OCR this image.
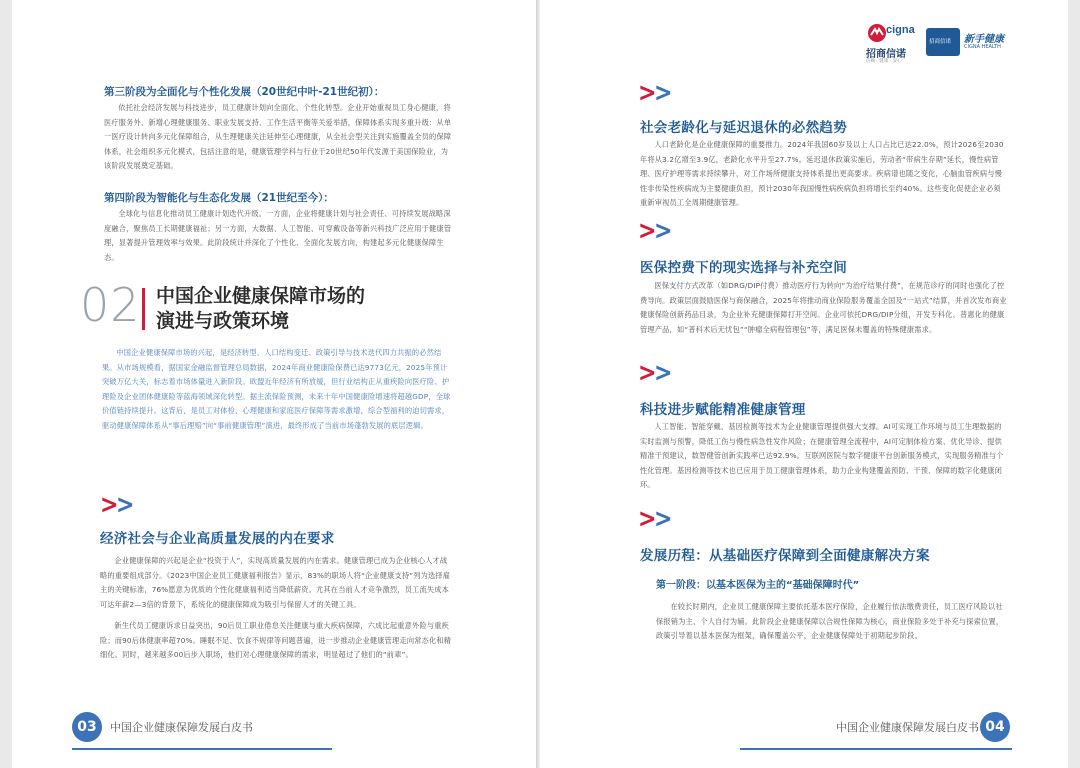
第三阶段为全面化与个性化发展（20世纪中叶-21世纪初）：
依托社会经济发展与科技进步，员工健康计划向全面化、个性化转型。企业开始重视员工身心健康，将医疗服务外、新增心理健康服务、职业发展支持、工作生活平衡等关爱举措，保障体系实现多重升级：从单一医疗设计转向多元化保障组合，从生理健康关注延伸至心理健康，从全社会型关注到实施覆盖全员的保障体系，社会组织多元化模式，包括注意的是，健康管理学科与行业于20世纪50年代发源于美国保险业，为该阶段发展奠定基础。
第四阶段为智能化与生态化发展（21世纪至今）：
全球化与信息化推动员工健康计划迭代升级。一方面，企业将健康计划与社会责任、可持续发展战略深度融合，聚焦员工长期健康福祉；另一方面，大数据、人工智能、可穿戴设备等新兴科技广泛应用于健康管理，显著提升管理效率与效果。此阶段统计并深化了个性化、全面化发展方向，构建起多元化健康保障生态。
02 中国企业健康保障市场的
演进与政策环境
中国企业健康保障市场的兴起，是经济转型、人口结构变迁、政策引导与技术迭代四力共振的必然结果。从市场规模看，据国家金融监督管理总局数据，2024年商业健康险保费已达9773亿元，2025年预计突破万亿大关，标志着市场体量进入新阶段。欧盟近年经济有所放缓，但行业结构正从重疾险向医疗险、护理险及企业团体健康险等蓝海领域深化转型。据主流保险预测，未来十年中国健康险增速将超越GDP，全球价值链持续提升。这背后，是员工对体检、心理健康和家庭医疗保障等需求激增，综合型福利的迫切需求，驱动健康保障体系从“事后理赔”向“事前健康管理”演进，最终形成了当前市场蓬勃发展的底层逻辑。
>>
经济社会与企业高质量发展的内在要求
企业健康保障的兴起是企业“投资于人”，实现高质量发展的内在需求。健康管理已成为企业核心人才战略的重要组成部分。《2023中国企业员工健康福利报告》显示，83%的职场人将“企业健康支持”列为选择雇主的关键标准，76%愿意为优质的个性化健康福利适当降低薪资。尤其在当前人才竞争激烈，员工流失成本可达年薪2—3倍的背景下，系统化的健康保障成为吸引与保留人才的关键工具。
新生代员工健康诉求日益突出，90后员工职业倦怠关注健康与重大疾病保障，六成比起重意外险与重疾险；而90后体健康率超70%。睡眠不足、饮食不规律等问题普遍，进一步推动企业健康管理走向常态化和精细化。同时，越来越多00后步入职场，他们对心理健康保障的需求，明显超过了他们的“前辈”。
03	中国企业健康保障发展白皮书
cigna
招商信诺
信赖 · 健康 · 安心
招商信诺 新手健康
CIGNA HEALTH
>>
社会老龄化与延迟退休的必然趋势
人口老龄化是企业健康保障的重要推力。2024年我国60岁及以上人口占比已达22.0%，预计2026至2030年将从3.2亿增至3.9亿，老龄化水平升至27.7%。延迟退休政策实施后，劳动者“带病生存期”延长，慢性病管理、医疗护理等需求持续攀升，对工作场所健康支持体系提出更高要求。疾病谱也随之变化，心脑血管疾病与慢性非传染性疾病成为主要健康负担，预计2030年我国慢性病疾病负担将增长至约40%。这些变化促使企业必须重新审视员工全周期健康管理。
>>
医保控费下的现实选择与补充空间
医保支付方式改革（如DRG/DIP付费）推动医疗行为转向“为治疗结果付费”，在规范诊疗的同时也强化了控费导向。政策层面鼓励医保与商保融合，2025年将推动商业保险服务覆盖全国及“一站式”结算，并首次发布商业健康保险创新药品目录，为企业补充健康保障打开空间。企业可依托DRG/DIP分组，开发专科化、普惠化的健康管理产品，如“普科术后无忧包”“肿瘤全病程管理包”等，满足医保未覆盖的特殊健康需求。
>>
科技进步赋能精准健康管理
人工智能、智能穿戴、基因检测等技术为企业健康管理提供强大支撑。AI可实现工作环境与员工生理数据的实时监测与预警，降低工伤与慢性病急性发作风险；在健康管理全流程中，AI可定制体检方案、优化导诊、提供精准干预建议，数智健管创新实践率已达92.9%。互联网医院与数字健康平台创新服务模式，实现服务精准与个性化管理。基因检测等技术也已应用于员工健康管理体系，助力企业构建覆盖预防、干预、保障的数字化健康闭环。
>>
发展历程：从基础医疗保障到全面健康解决方案
第一阶段：以基本医保为主的“基础保障时代”
在较长时期内，企业员工健康保障主要依托基本医疗保险，企业履行依法缴费责任，员工医疗风险以社保报销为主、个人自付为辅。此阶段企业健康保障以合规性保障为核心，商业保险多处于补充与探索位置，政策引导着以基本医保为框架，确保覆盖公平，企业健康保障处于初期起步阶段。
中国企业健康保障发展白皮书 04
